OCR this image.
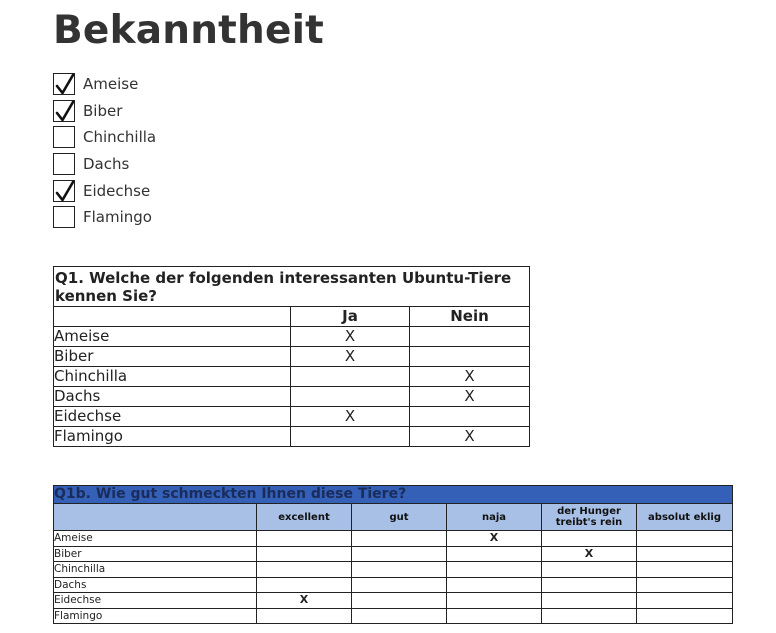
Bekanntheit
Ameise
Biber
Chinchilla
Dachs
Eidechse
Flamingo
Q1. Welche der folgenden interessanten Ubuntu-Tiere kennen Sie?		
	Ja	Nein
Ameise	X	
Biber	X	
Chinchilla		X
Dachs		X
Eidechse	X	
Flamingo		X
Q1b. Wie gut schmeckten Ihnen diese Tiere?					
	excellent	gut	naja	der Hunger treibt's rein	absolut eklig
Ameise			X		
Biber				X	
Chinchilla					
Dachs					
Eidechse	X				
Flamingo					
